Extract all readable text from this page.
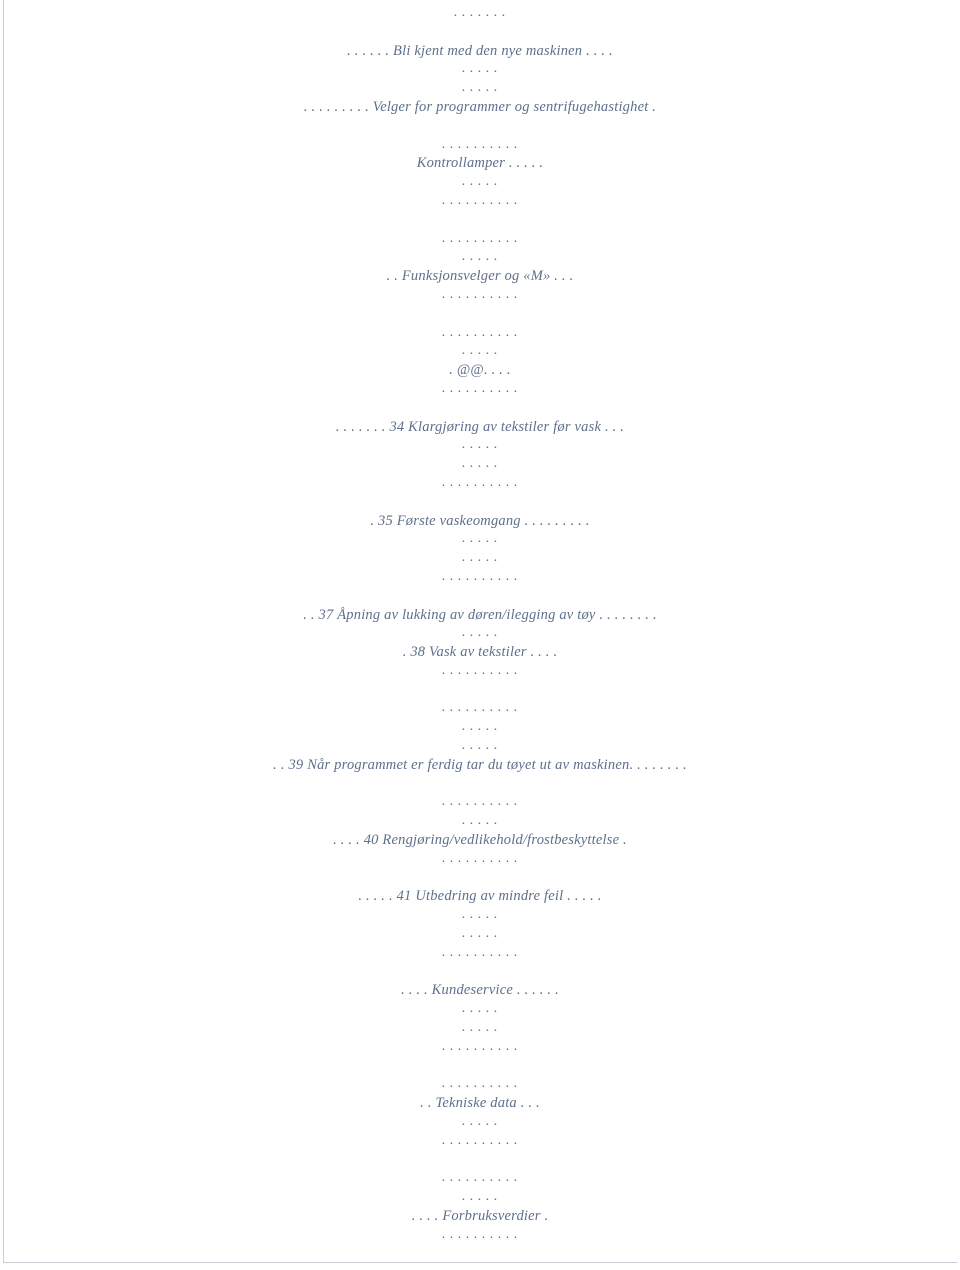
. . . . . . .
. . . . . . Bli kjent med den nye maskinen . . . .
. . . . .
. . . . .
. . . . . . . . . Velger for programmer og sentrifugehastighet .
. . . . . . . . . .
Kontrollamper . . . . .
. . . . .
. . . . . . . . . .
. . . . . . . . . .
. . . . .
. . Funksjonsvelger og «M» . . .
. . . . . . . . . .
. . . . . . . . . .
. . . . .
. @@. . . .
. . . . . . . . . .
. . . . . . . 34 Klargjøring av tekstiler før vask . . .
. . . . .
. . . . .
. . . . . . . . . .
. 35 Første vaskeomgang . . . . . . . . .
. . . . .
. . . . .
. . . . . . . . . .
. . 37 Åpning av lukking av døren/ilegging av tøy . . . . . . . .
. . . . .
. 38 Vask av tekstiler . . . .
. . . . . . . . . .
. . . . . . . . . .
. . . . .
. . . . .
. . 39 Når programmet er ferdig tar du tøyet ut av maskinen. . . . . . . .
. . . . . . . . . .
. . . . .
. . . . 40 Rengjøring/vedlikehold/frostbeskyttelse .
. . . . . . . . . .
. . . . . 41 Utbedring av mindre feil . . . . .
. . . . .
. . . . .
. . . . . . . . . .
. . . . Kundeservice . . . . . .
. . . . .
. . . . .
. . . . . . . . . .
. . . . . . . . . .
. . Tekniske data . . .
. . . . .
. . . . . . . . . .
. . . . . . . . . .
. . . . .
. . . . Forbruksverdier .
. . . . . . . . . .
